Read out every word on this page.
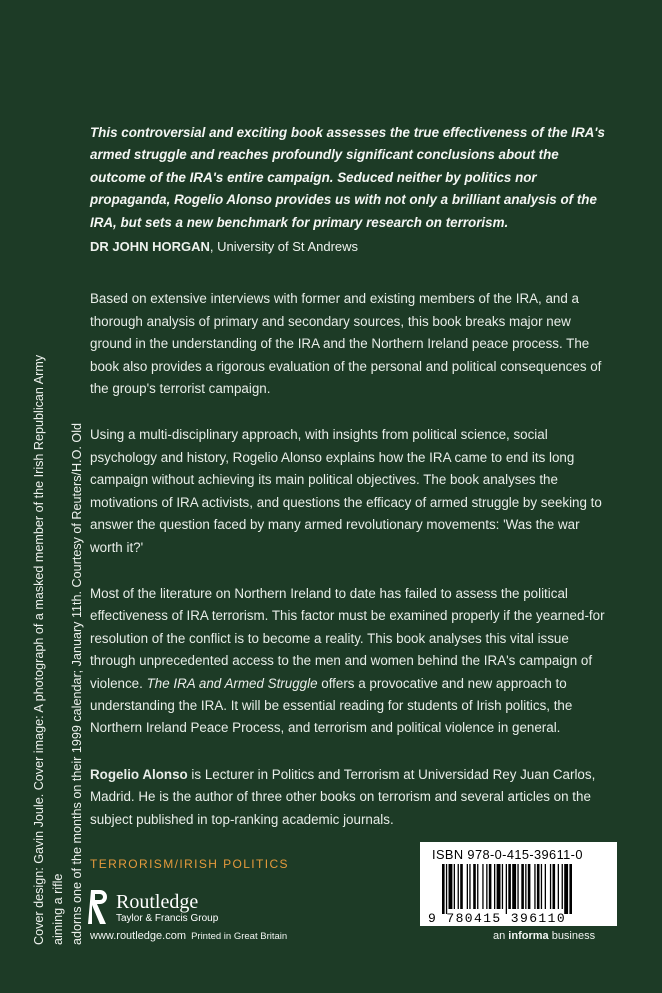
This controversial and exciting book assesses the true effectiveness of the IRA's armed struggle and reaches profoundly significant conclusions about the outcome of the IRA's entire campaign. Seduced neither by politics nor propaganda, Rogelio Alonso provides us with not only a brilliant analysis of the IRA, but sets a new benchmark for primary research on terrorism.

DR JOHN HORGAN, University of St Andrews

Based on extensive interviews with former and existing members of the IRA, and a thorough analysis of primary and secondary sources, this book breaks major new ground in the understanding of the IRA and the Northern Ireland peace process. The book also provides a rigorous evaluation of the personal and political consequences of the group's terrorist campaign.

Using a multi-disciplinary approach, with insights from political science, social psychology and history, Rogelio Alonso explains how the IRA came to end its long campaign without achieving its main political objectives. The book analyses the motivations of IRA activists, and questions the efficacy of armed struggle by seeking to answer the question faced by many armed revolutionary movements: 'Was the war worth it?'

Most of the literature on Northern Ireland to date has failed to assess the political effectiveness of IRA terrorism. This factor must be examined properly if the yearned-for resolution of the conflict is to become a reality. This book analyses this vital issue through unprecedented access to the men and women behind the IRA's campaign of violence. The IRA and Armed Struggle offers a provocative and new approach to understanding the IRA. It will be essential reading for students of Irish politics, the Northern Ireland Peace Process, and terrorism and political violence in general.

Rogelio Alonso is Lecturer in Politics and Terrorism at Universidad Rey Juan Carlos, Madrid. He is the author of three other books on terrorism and several articles on the subject published in top-ranking academic journals.

TERRORISM/IRISH POLITICS

Cover design: Gavin Joule. Cover image: A photograph of a masked member of the Irish Republican Army aiming a rifle adorns one of the months on their 1999 calendar; January 11th. Courtesy of Reuters/H.O. Old Routledge
Taylor & Francis Group
www.routledge.com Printed in Great Britain
ISBN 978-0-415-39611-0
9 780415 396110
an informa business
